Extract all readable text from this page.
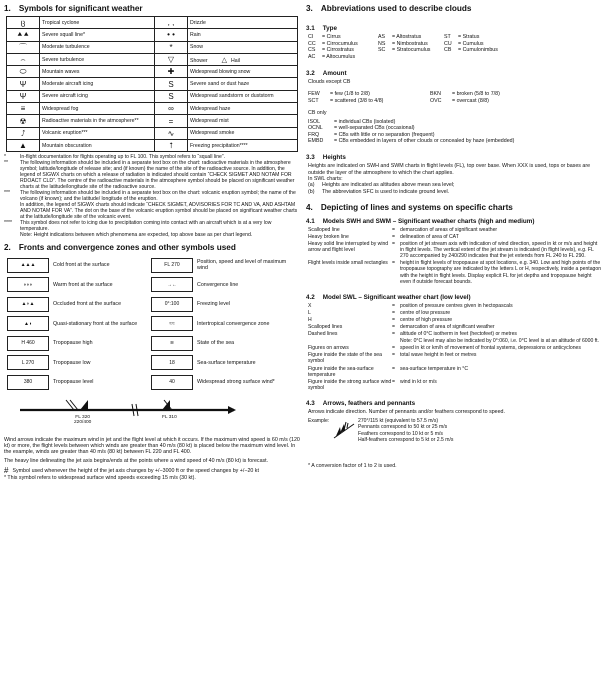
1. Symbols for significant weather
ც	Tropical cyclone	, ,	Drizzle
⯅⯅	Severe squall line*	• •	Rain
⌒	Moderate turbulence	*	Snow
⌢	Severe turbulence	▽	Shower △ Hail
⬭	Mountain waves	✚	Widespread blowing snow
Ψ	Moderate aircraft icing	S	Severe sand or dust haze
Ψ	Severe aircraft icing	S	Widespread sandstorm or duststorm
≡	Widespread fog	∞	Widespread haze
☢	Radioactive materials in the atmosphere**	=	Widespread mist
⭜	Volcanic eruption***	∿	Widespread smoke
▲	Mountain obscuration	⭡	Freezing precipitation****
*	In-flight documentation for flights operating up to FL 100. This symbol refers to “squall line”.
**	The following information should be included in a separate text box on the chart: radioactive materials in the atmosphere symbol; latitude/longitude of release site; and (if known) the name of the site of the radioactive source. In addition, the legend of SIGWX charts on which a release of radiation is indicated should contain “CHECK SIGMET AND NOTAM FOR RDOACT CLD”. The centre of the radioactive materials in the atmosphere symbol should be placed on significant weather charts at the latitude/longitude site of the radioactive source.
***	The following information should be included in a separate text box on the chart: volcanic eruption symbol; the name of the volcano (if known); and the latitude/ longitude of the eruption.
In addition, the legend of SIGWX charts should indicate “CHECK SIGMET, ADVISORIES FOR TC AND VA, AND ASHTAM AND NOTAM FOR VA”. The dot on the base of the volcanic eruption symbol should be placed on significant weather charts at the latitude/longitude site of the volcanic event.
****	This symbol does not refer to icing due to precipitation coming into contact with an aircraft which is at a very low temperature.
Note: Height indications between which phenomena are expected, top above base as per chart legend.
2. Fronts and convergence zones and other symbols used
▲▲▲	Cold front at the surface	FL 270	Position, speed and level of maximum wind

◗◗◗	Warm front at the surface	→←	Convergence line

▲◗▲	Occluded front at the surface	0°:100	Freezing level

▲◗	Quasi-stationary front at the surface	≈≈	Intertropical convergence zone

H 460	Tropopause high	≋	State of the sea

L 270	Tropopause low	18	Sea-surface temperature

380	Tropopause level	40	Widespread strong surface wind*
FL 320
220/400
FL 310
Wind arrows indicate the maximum wind in jet and the flight level at which it occurs. If the maximum wind speed is 60 m/s (120 kt) or more, the flight levels between which winds are greater than 40 m/s (80 kt) is placed below the maximum wind level. In the example, winds are greater than 40 m/s (80 kt) between FL 220 and FL 400.
The heavy line delineating the jet axis begins/ends at the points where a wind speed of 40 m/s (80 kt) is forecast.
# Symbol used whenever the height of the jet axis changes by +/−3000 ft or the speed changes by +/−20 kt
* This symbol refers to widespread surface wind speeds exceeding 15 m/s (30 kt).
3. Abbreviations used to describe clouds
3.1 Type
CI	= Cirrus	AS	= Altostratus	ST	= Stratus
CC	= Cirrocumulus	NS	= Nimbostratus	CU	= Cumulus
CS	= Cirrostratus	SC	= Stratocumulus	CB	= Cumulonimbus
AC	= Altocumulus
3.2 Amount
Clouds except CB
FEW	= few (1/8 to 2/8)	BKN	= broken (5/8 to 7/8)
SCT	= scattered (3/8 to 4/8)	OVC	= overcast (8/8)
CB only
ISOL	= individual CBs (isolated)
OCNL	= well-separated CBs (occasional)
FRQ	= CBs with little or no separation (frequent)
EMBD	= CBs embedded in layers of other clouds or concealed by haze (embedded)
3.3 Heights
Heights are indicated on SWH and SWM charts in flight levels (FL), top over base. When XXX is used, tops or bases are outside the layer of the atmosphere to which the chart applies.
In SWL charts:
(a)	Heights are indicated as altitudes above mean sea level;
(b)	The abbreviation SFC is used to indicate ground level.
4. Depicting of lines and systems on specific charts
4.1 Models SWH and SWM – Significant weather charts (high and medium)
Scalloped line	= demarcation of areas of significant weather
Heavy broken line	= delineation of area of CAT
Heavy solid line interrupted by wind arrow and flight level
= position of jet stream axis with indication of wind direction, speed in kt or m/s and height in flight levels. The vertical extent of the jet stream is indicated (in flight levels), e.g. FL 270 accompanied by 240/290 indicates that the jet extends from FL 240 to FL 290.
Flight levels inside small rectangles = height in flight levels of tropopause at spot locations, e.g. 340. Low and high points of the tropopause topography are indicated by the letters L or H, respectively, inside a pentagon with the height in flight levels. Display explicit FL for jet depths and tropopause height even if outside forecast bounds.
4.2 Model SWL – Significant weather chart (low level)
X	= position of pressure centres given in hectopascals
L	= centre of low pressure
H	= centre of high pressure
Scalloped lines	= demarcation of area of significant weather
Dashed lines	= altitude of 0°C isotherm in feet (hectofeet) or metres
Note: 0°C level may also be indicated by 0°:060, i.e. 0°C level is at an altitude of 6000 ft.
Figures on arrows	= speed in kt or km/h of movement of frontal systems, depressions or anticyclones
Figure inside the state of the sea symbol
= total wave height in feet or metres
Figure inside the sea-surface temperature
= sea-surface temperature in °C
Figure inside the strong surface wind symbol
= wind in kt or m/s
4.3 Arrows, feathers and pennants
Arrows indicate direction. Number of pennants and/or feathers correspond to speed.
Example:	270°/115 kt (equivalent to 57.5 m/s)
Pennants correspond to 50 kt or 25 m/s
Feathers correspond to 10 kt or 5 m/s
Half-feathers correspond to 5 kt or 2.5 m/s
* A conversion factor of 1 to 2 is used.
